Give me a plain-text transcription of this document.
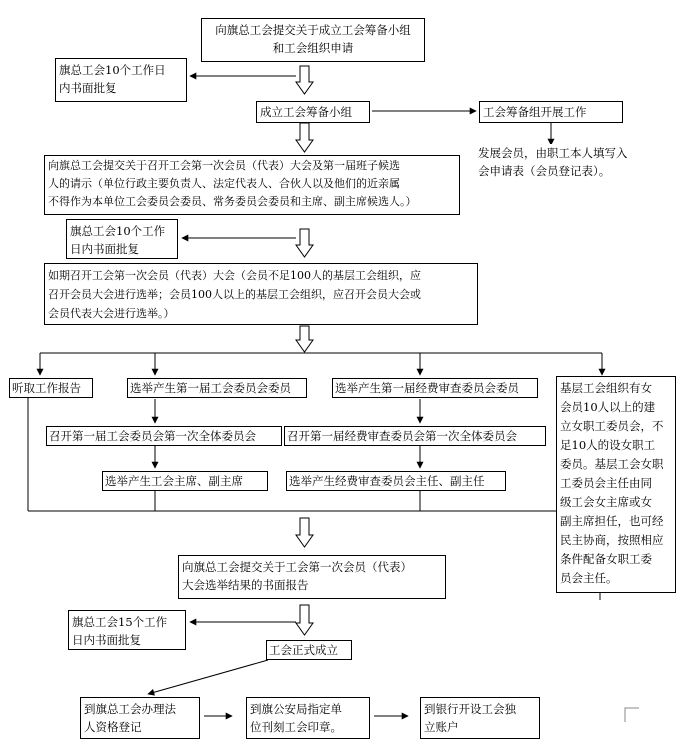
向旗总工会提交关于成立工会筹备小组
和工会组织申请
旗总工会10个工作日
内书面批复
成立工会筹备小组	工会筹备组开展工作
发展会员，由职工本人填写入
会申请表（会员登记表）。
向旗总工会提交关于召开工会第一次会员（代表）大会及第一届班子候选
人的请示（单位行政主要负责人、法定代表人、合伙人以及他们的近亲属
不得作为本单位工会委员会委员、常务委员会委员和主席、副主席候选人。）
旗总工会10个工作
日内书面批复
如期召开工会第一次会员（代表）大会（会员不足100人的基层工会组织，应
召开会员大会进行选举；会员100人以上的基层工会组织，应召开会员大会或
会员代表大会进行选举。）
听取工作报告	选举产生第一届工会委员会委员	选举产生第一届经费审查委员会委员	基层工会组织有女
会员10人以上的建
立女职工委员会，不
足10人的设女职工
委员。基层工会女职
工委员会主任由同
级工会女主席或女
副主席担任，也可经
民主协商，按照相应
条件配备女职工委
员会主任。
召开第一届工会委员会第一次全体委员会	召开第一届经费审查委员会第一次全体委员会
选举产生工会主席、副主席	选举产生经费审查委员会主任、副主任
向旗总工会提交关于工会第一次会员（代表）
大会选举结果的书面报告
旗总工会15个工作
日内书面批复
工会正式成立
到旗总工会办理法
人资格登记
到旗公安局指定单
位刊刻工会印章。
到银行开设工会独
立账户
